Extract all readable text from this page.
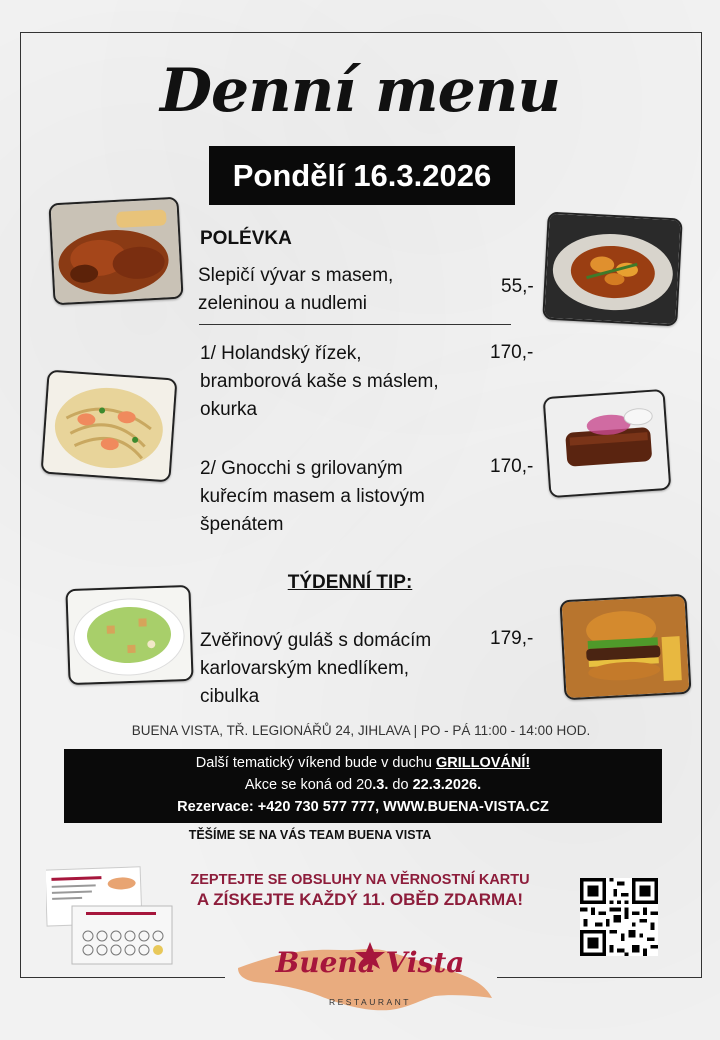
Denní menu
Pondělí 16.3.2026
POLÉVKA
Slepičí vývar s masem,
zeleninou a nudlemi
55,-
1/ Holandský řízek,
bramborová kaše s máslem,
okurka
170,-
2/ Gnocchi s grilovaným
kuřecím masem a listovým
špenátem
170,-
TÝDENNÍ TIP:
Zvěřinový guláš s domácím
karlovarským knedlíkem,
cibulka
179,-
BUENA VISTA, TŘ. LEGIONÁŘŮ 24, JIHLAVA | PO - PÁ 11:00 - 14:00 HOD.
Další tematický víkend bude v duchu GRILLOVÁNÍ!
Akce se koná od 20.3. do 22.3.2026.
Rezervace: +420 730 577 777, WWW.BUENA-VISTA.CZ
TĚŠÍME SE NA VÁS TEAM BUENA VISTA
ZEPTEJTE SE OBSLUHY NA VĚRNOSTNÍ KARTU
A ZÍSKEJTE KAŽDÝ 11. OBĚD ZDARMA!
Buena Vista
RESTAURANT
